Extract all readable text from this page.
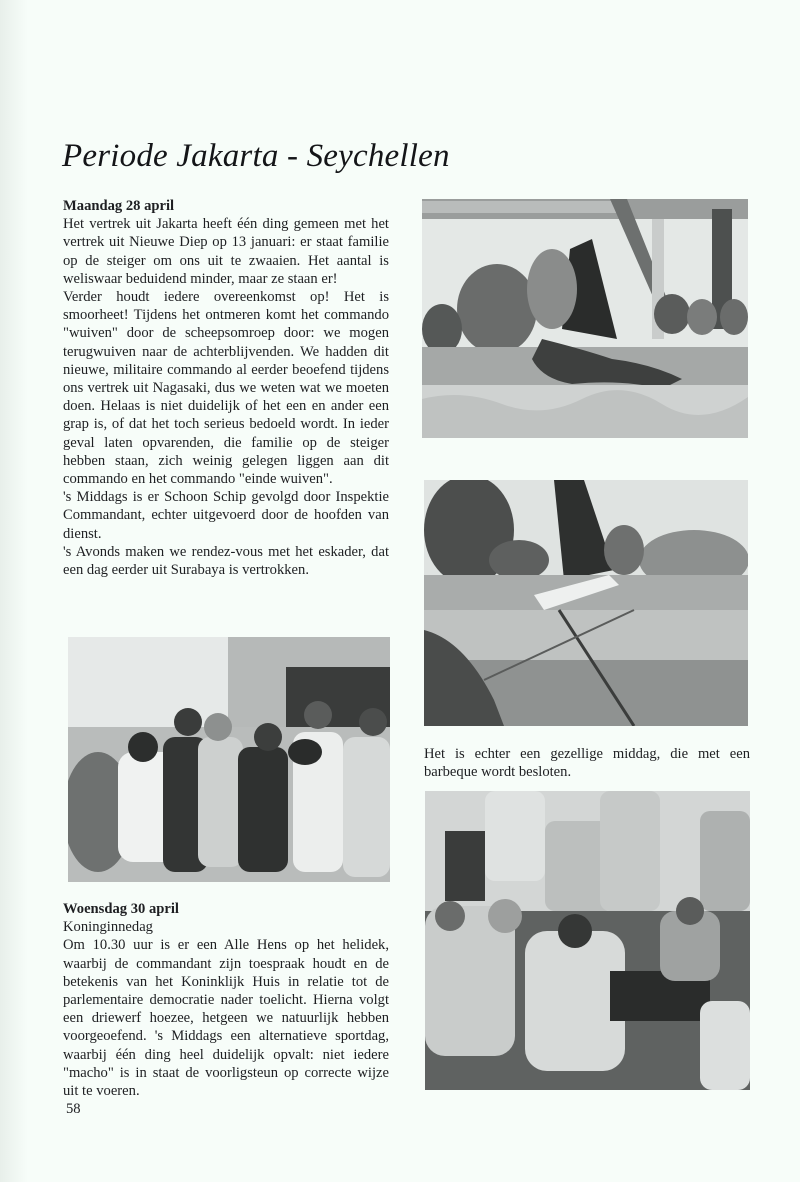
Periode Jakarta - Seychellen
Maandag 28 april

Het vertrek uit Jakarta heeft één ding gemeen met het vertrek uit Nieuwe Diep op 13 januari: er staat familie op de steiger om ons uit te zwaaien. Het aantal is weliswaar beduidend minder, maar ze staan er!

Verder houdt iedere overeenkomst op! Het is smoorheet! Tijdens het ontmeren komt het commando "wuiven" door de scheepsomroep door: we mogen terugwuiven naar de achterblijvenden. We hadden dit nieuwe, militaire commando al eerder beoefend tijdens ons vertrek uit Nagasaki, dus we weten wat we moeten doen. Helaas is niet duidelijk of het een en ander een grap is, of dat het toch serieus bedoeld wordt. In ieder geval laten opvarenden, die familie op de steiger hebben staan, zich weinig gelegen liggen aan dit commando en het commando "einde wuiven".

's Middags is er Schoon Schip gevolgd door Inspektie Commandant, echter uitgevoerd door de hoofden van dienst.

's Avonds maken we rendez-vous met het eskader, dat een dag eerder uit Surabaya is vertrokken.

Woensdag 30 april

Koninginnedag

Om 10.30 uur is er een Alle Hens op het helidek, waarbij de commandant zijn toespraak houdt en de betekenis van het Koninklijk Huis in relatie tot de parlementaire democratie nader toelicht. Hierna volgt een driewerf hoezee, hetgeen we natuurlijk hebben voorgeoefend. 's Middags een alternatieve sportdag, waarbij één ding heel duidelijk opvalt: niet iedere "macho" is in staat de voorligsteun op correcte wijze uit te voeren.

Het is echter een gezellige middag, die met een barbeque wordt besloten.
58
